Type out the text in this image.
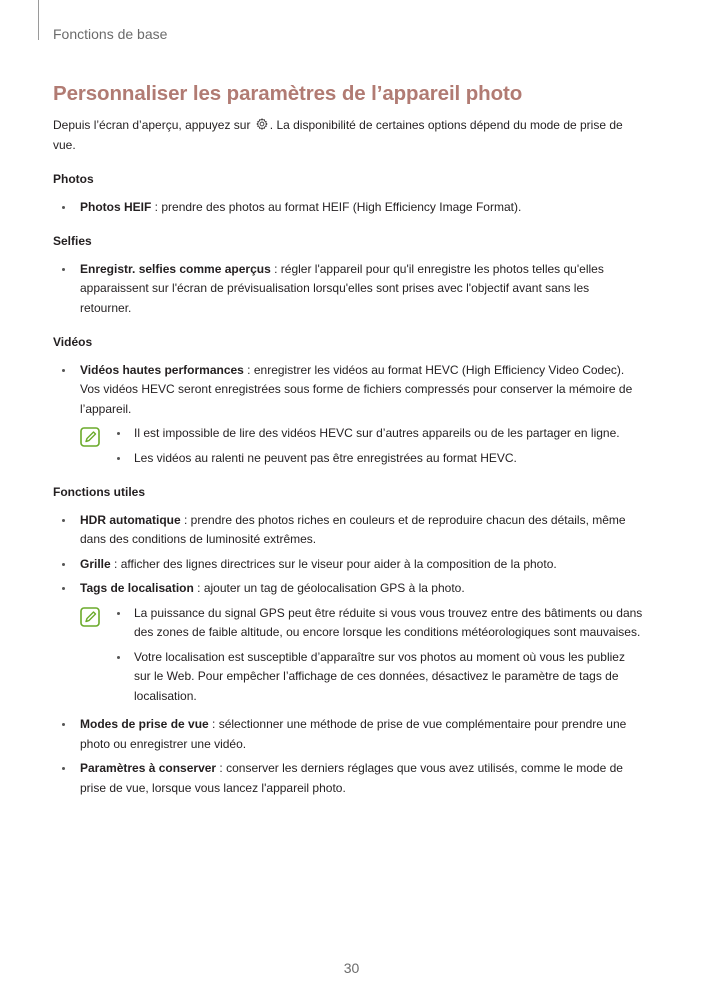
Fonctions de base
Personnaliser les paramètres de l’appareil photo

Depuis l’écran d’aperçu, appuyez sur . La disponibilité de certaines options dépend du mode de prise de vue.

Photos

Photos HEIF : prendre des photos au format HEIF (High Efficiency Image Format).

Selfies

Enregistr. selfies comme aperçus : régler l'appareil pour qu'il enregistre les photos telles qu'elles apparaissent sur l'écran de prévisualisation lorsqu'elles sont prises avec l'objectif avant sans les retourner.

Vidéos

Vidéos hautes performances : enregistrer les vidéos au format HEVC (High Efficiency Video Codec). Vos vidéos HEVC seront enregistrées sous forme de fichiers compressés pour conserver la mémoire de l’appareil.
Il est impossible de lire des vidéos HEVC sur d’autres appareils ou de les partager en ligne.
Les vidéos au ralenti ne peuvent pas être enregistrées au format HEVC.

Fonctions utiles

HDR automatique : prendre des photos riches en couleurs et de reproduire chacun des détails, même dans des conditions de luminosité extrêmes.
Grille : afficher des lignes directrices sur le viseur pour aider à la composition de la photo.
Tags de localisation : ajouter un tag de géolocalisation GPS à la photo.
La puissance du signal GPS peut être réduite si vous vous trouvez entre des bâtiments ou dans des zones de faible altitude, ou encore lorsque les conditions météorologiques sont mauvaises.
Votre localisation est susceptible d’apparaître sur vos photos au moment où vous les publiez sur le Web. Pour empêcher l’affichage de ces données, désactivez le paramètre de tags de localisation.
Modes de prise de vue : sélectionner une méthode de prise de vue complémentaire pour prendre une photo ou enregistrer une vidéo.
Paramètres à conserver : conserver les derniers réglages que vous avez utilisés, comme le mode de prise de vue, lorsque vous lancez l'appareil photo.
30
